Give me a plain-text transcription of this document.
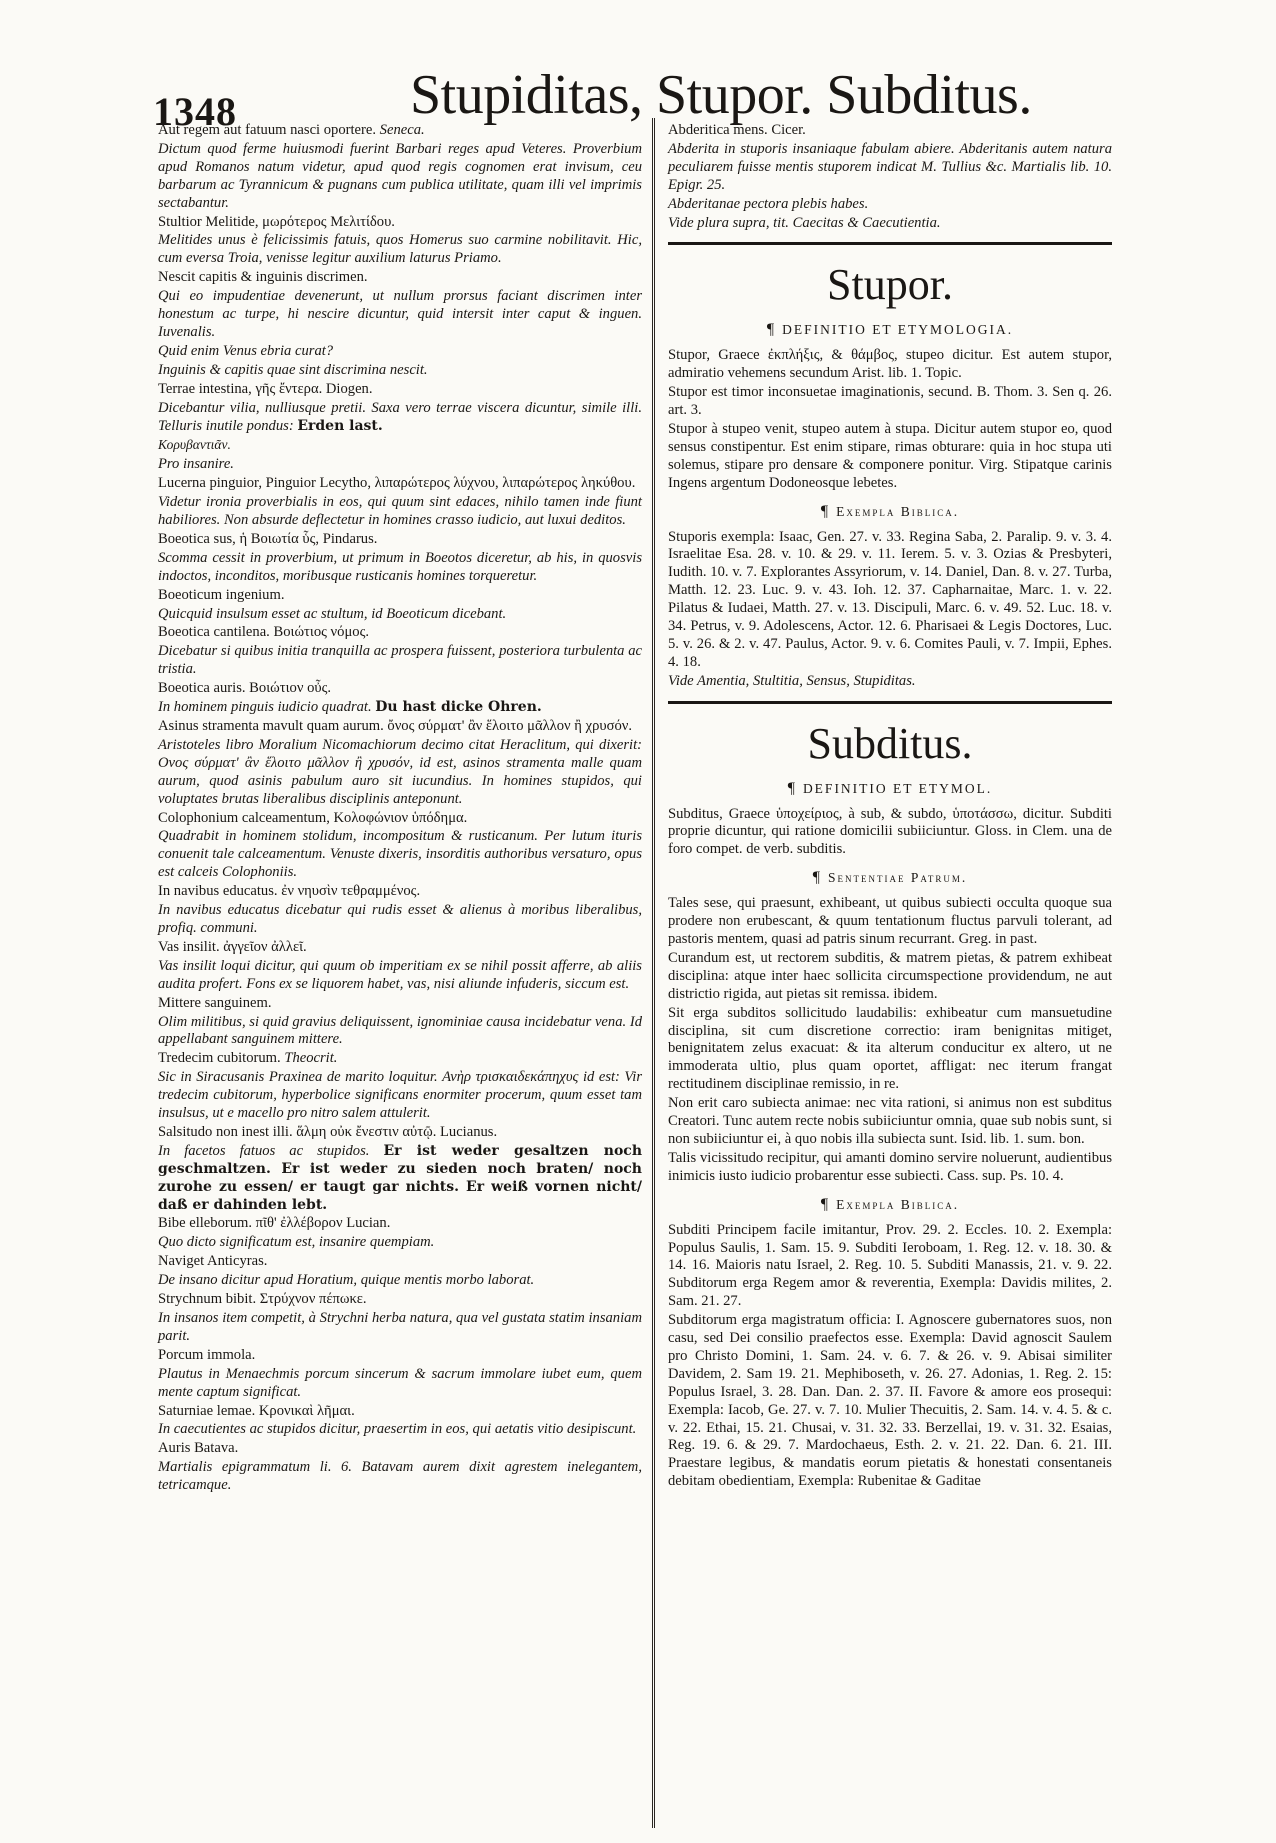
1348	Stupiditas, Stupor. Subditus.

Aut regem aut fatuum nasci oportere. Seneca.

Dictum quod ferme huiusmodi fuerint Barbari reges apud Veteres. Proverbium apud Romanos natum videtur, apud quod regis cognomen erat invisum, ceu barbarum ac Tyrannicum & pugnans cum publica utilitate, quam illi vel imprimis sectabantur.

Stultior Melitide, μωρότερος Μελιτίδου.

Melitides unus è felicissimis fatuis, quos Homerus suo carmine nobilitavit. Hic, cum eversa Troia, venisse legitur auxilium laturus Priamo.

Nescit capitis & inguinis discrimen.

Qui eo impudentiae devenerunt, ut nullum prorsus faciant discrimen inter honestum ac turpe, hi nescire dicuntur, quid intersit inter caput & inguen. Iuvenalis.

Quid enim Venus ebria curat?

Inguinis & capitis quae sint discrimina nescit.

Terrae intestina, γῆς ἔντερα. Diogen.

Dicebantur vilia, nulliusque pretii. Saxa vero terrae viscera dicuntur, simile illi. Telluris inutile pondus: Erden last.

Κορυβαντιᾶν.

Pro insanire.

Lucerna pinguior, Pinguior Lecytho, λιπαρώτερος λύχνου, λιπαρώτερος ληκύθου.

Videtur ironia proverbialis in eos, qui quum sint edaces, nihilo tamen inde fiunt habiliores. Non absurde deflectetur in homines crasso iudicio, aut luxui deditos.

Boeotica sus, ἡ Βοιωτία ὗς, Pindarus.

Scomma cessit in proverbium, ut primum in Boeotos diceretur, ab his, in quosvis indoctos, inconditos, moribusque rusticanis homines torqueretur.

Boeoticum ingenium.

Quicquid insulsum esset ac stultum, id Boeoticum dicebant.

Boeotica cantilena. Βοιώτιος νόμος.

Dicebatur si quibus initia tranquilla ac prospera fuissent, posteriora turbulenta ac tristia.

Boeotica auris. Βοιώτιον οὖς.

In hominem pinguis iudicio quadrat. Du hast dicke Ohren.

Asinus stramenta mavult quam aurum. ὄνος σύρματ' ἂν ἕλοιτο μᾶλλον ἢ χρυσόν.

Aristoteles libro Moralium Nicomachiorum decimo citat Heraclitum, qui dixerit: Ονος σύρματ' ἂν ἕλοιτο μᾶλλον ἢ χρυσόν, id est, asinos stramenta malle quam aurum, quod asinis pabulum auro sit iucundius. In homines stupidos, qui voluptates brutas liberalibus disciplinis anteponunt.

Colophonium calceamentum, Κολοφώνιον ὑπόδημα.

Quadrabit in hominem stolidum, incompositum & rusticanum. Per lutum ituris conuenit tale calceamentum. Venuste dixeris, insorditis authoribus versaturo, opus est calceis Colophoniis.

In navibus educatus. ἐν νηυσὶν τεθραμμένος.

In navibus educatus dicebatur qui rudis esset & alienus à moribus liberalibus, profiq. communi.

Vas insilit. ἀγγεῖον ἀλλεῖ.

Vas insilit loqui dicitur, qui quum ob imperitiam ex se nihil possit afferre, ab aliis audita profert. Fons ex se liquorem habet, vas, nisi aliunde infuderis, siccum est.

Mittere sanguinem.

Olim militibus, si quid gravius deliquissent, ignominiae causa incidebatur vena. Id appellabant sanguinem mittere.

Tredecim cubitorum. Theocrit.

Sic in Siracusanis Praxinea de marito loquitur. Ανὴρ τρισκαιδεκάπηχυς id est: Vir tredecim cubitorum, hyperbolice significans enormiter procerum, quum esset tam insulsus, ut e macello pro nitro salem attulerit.

Salsitudo non inest illi. ἅλμη οὐκ ἔνεστιν αὐτῷ. Lucianus.

In facetos fatuos ac stupidos. Er ist weder gesaltzen noch geschmaltzen. Er ist weder zu sieden noch braten/ noch zurohe zu essen/ er taugt gar nichts. Er weiß vornen nicht/ daß er dahinden lebt.

Bibe elleborum. πῖθ' ἐλλέβορον Lucian.

Quo dicto significatum est, insanire quempiam.

Naviget Anticyras.

De insano dicitur apud Horatium, quique mentis morbo laborat.

Strychnum bibit. Στρύχνον πέπωκε.

In insanos item competit, à Strychni herba natura, qua vel gustata statim insaniam parit.

Porcum immola.

Plautus in Menaechmis porcum sincerum & sacrum immolare iubet eum, quem mente captum significat.

Saturniae lemae. Κρονικαὶ λῆμαι.

In caecutientes ac stupidos dicitur, praesertim in eos, qui aetatis vitio desipiscunt.

Auris Batava.

Martialis epigrammatum li. 6. Batavam aurem dixit agrestem inelegantem, tetricamque.

Abderitica mens. Cicer.

Abderita in stuporis insaniaque fabulam abiere. Abderitanis autem natura peculiarem fuisse mentis stuporem indicat M. Tullius &c. Martialis lib. 10. Epigr. 25.

Abderitanae pectora plebis habes.

Vide plura supra, tit. Caecitas & Caecutientia.

Stupor.
¶ DEFINITIO ET ETYMOLOGIA.

Stupor, Graece ἐκπλήξις, & θάμβος, stupeo dicitur. Est autem stupor, admiratio vehemens secundum Arist. lib. 1. Topic.

Stupor est timor inconsuetae imaginationis, secund. B. Thom. 3. Sen q. 26. art. 3.

Stupor à stupeo venit, stupeo autem à stupa. Dicitur autem stupor eo, quod sensus constipentur. Est enim stipare, rimas obturare: quia in hoc stupa uti solemus, stipare pro densare & componere ponitur. Virg. Stipatque carinis Ingens argentum Dodoneosque lebetes.

¶ Exempla Biblica.

Stuporis exempla: Isaac, Gen. 27. v. 33. Regina Saba, 2. Paralip. 9. v. 3. 4. Israelitae Esa. 28. v. 10. & 29. v. 11. Ierem. 5. v. 3. Ozias & Presbyteri, Iudith. 10. v. 7. Explorantes Assyriorum, v. 14. Daniel, Dan. 8. v. 27. Turba, Matth. 12. 23. Luc. 9. v. 43. Ioh. 12. 37. Capharnaitae, Marc. 1. v. 22. Pilatus & Iudaei, Matth. 27. v. 13. Discipuli, Marc. 6. v. 49. 52. Luc. 18. v. 34. Petrus, v. 9. Adolescens, Actor. 12. 6. Pharisaei & Legis Doctores, Luc. 5. v. 26. & 2. v. 47. Paulus, Actor. 9. v. 6. Comites Pauli, v. 7. Impii, Ephes. 4. 18.

Vide Amentia, Stultitia, Sensus, Stupiditas.

Subditus.
¶ DEFINITIO ET ETYMOL.

Subditus, Graece ὑποχείριος, à sub, & subdo, ὑποτάσσω, dicitur. Subditi proprie dicuntur, qui ratione domicilii subiiciuntur. Gloss. in Clem. una de foro compet. de verb. subditis.

¶ Sententiae Patrum.

Tales sese, qui praesunt, exhibeant, ut quibus subiecti occulta quoque sua prodere non erubescant, & quum tentationum fluctus parvuli tolerant, ad pastoris mentem, quasi ad patris sinum recurrant. Greg. in past.

Curandum est, ut rectorem subditis, & matrem pietas, & patrem exhibeat disciplina: atque inter haec sollicita circumspectione providendum, ne aut districtio rigida, aut pietas sit remissa. ibidem.

Sit erga subditos sollicitudo laudabilis: exhibeatur cum mansuetudine disciplina, sit cum discretione correctio: iram benignitas mitiget, benignitatem zelus exacuat: & ita alterum conducitur ex altero, ut ne immoderata ultio, plus quam oportet, affligat: nec iterum frangat rectitudinem disciplinae remissio, in re.

Non erit caro subiecta animae: nec vita rationi, si animus non est subditus Creatori. Tunc autem recte nobis subiiciuntur omnia, quae sub nobis sunt, si non subiiciuntur ei, à quo nobis illa subiecta sunt. Isid. lib. 1. sum. bon.

Talis vicissitudo recipitur, qui amanti domino servire noluerunt, audientibus inimicis iusto iudicio probarentur esse subiecti. Cass. sup. Ps. 10. 4.

¶ Exempla Biblica.

Subditi Principem facile imitantur, Prov. 29. 2. Eccles. 10. 2. Exempla: Populus Saulis, 1. Sam. 15. 9. Subditi Ieroboam, 1. Reg. 12. v. 18. 30. & 14. 16. Maioris natu Israel, 2. Reg. 10. 5. Subditi Manassis, 21. v. 9. 22. Subditorum erga Regem amor & reverentia, Exempla: Davidis milites, 2. Sam. 21. 27.

Subditorum erga magistratum officia: I. Agnoscere gubernatores suos, non casu, sed Dei consilio praefectos esse. Exempla: David agnoscit Saulem pro Christo Domini, 1. Sam. 24. v. 6. 7. & 26. v. 9. Abisai similiter Davidem, 2. Sam 19. 21. Mephiboseth, v. 26. 27. Adonias, 1. Reg. 2. 15: Populus Israel, 3. 28. Dan. Dan. 2. 37. II. Favore & amore eos prosequi: Exempla: Iacob, Ge. 27. v. 7. 10. Mulier Thecuitis, 2. Sam. 14. v. 4. 5. & c. v. 22. Ethai, 15. 21. Chusai, v. 31. 32. 33. Berzellai, 19. v. 31. 32. Esaias, Reg. 19. 6. & 29. 7. Mardochaeus, Esth. 2. v. 21. 22. Dan. 6. 21. III. Praestare legibus, & mandatis eorum pietatis & honestati consentaneis debitam obedientiam, Exempla: Rubenitae & Gaditae
